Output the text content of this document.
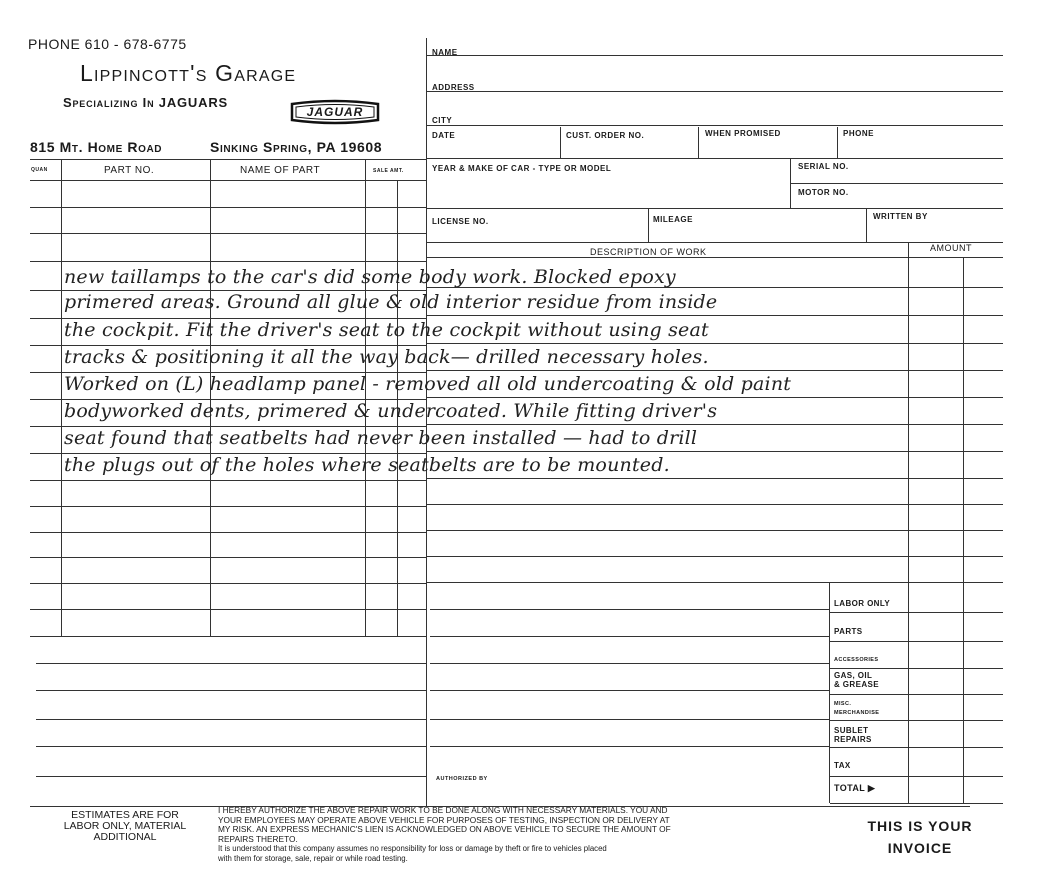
PHONE 610 - 678-6775
Lippincott's Garage
Specializing In JAGUARS
JAGUAR
815 Mt. Home Road	Sinking Spring, PA 19608
NAME
ADDRESS
CITY
DATE	CUST. ORDER NO.	WHEN PROMISED	PHONE
YEAR & MAKE OF CAR - TYPE OR MODEL	SERIAL NO.
MOTOR NO.
LICENSE NO.	MILEAGE	WRITTEN BY
QUAN	PART NO.	NAME OF PART	SALE AMT.
DESCRIPTION OF WORK	AMOUNT
new taillamps to the car's did some body work. Blocked epoxy
primered areas. Ground all glue & old interior residue from inside
the cockpit. Fit the driver's seat to the cockpit without using seat
tracks & positioning it all the way back— drilled necessary holes.
Worked on (L) headlamp panel - removed all old undercoating & old paint
bodyworked dents, primered & undercoated. While fitting driver's
seat found that seatbelts had never been installed — had to drill
the plugs out of the holes where seatbelts are to be mounted.
LABOR ONLY
PARTS
ACCESSORIES
GAS, OIL
& GREASE
MISC.
MERCHANDISE
SUBLET
REPAIRS
TAX
TOTAL ▶
AUTHORIZED BY
ESTIMATES ARE FOR
LABOR ONLY, MATERIAL
ADDITIONAL
I HEREBY AUTHORIZE THE ABOVE REPAIR WORK TO BE DONE ALONG WITH NECESSARY MATERIALS. YOU AND
YOUR EMPLOYEES MAY OPERATE ABOVE VEHICLE FOR PURPOSES OF TESTING, INSPECTION OR DELIVERY AT
MY RISK. AN EXPRESS MECHANIC'S LIEN IS ACKNOWLEDGED ON ABOVE VEHICLE TO SECURE THE AMOUNT OF
REPAIRS THERETO.
It is understood that this company assumes no responsibility for loss or damage by theft or fire to vehicles placed
with them for storage, sale, repair or while road testing.
THIS IS YOUR
INVOICE
